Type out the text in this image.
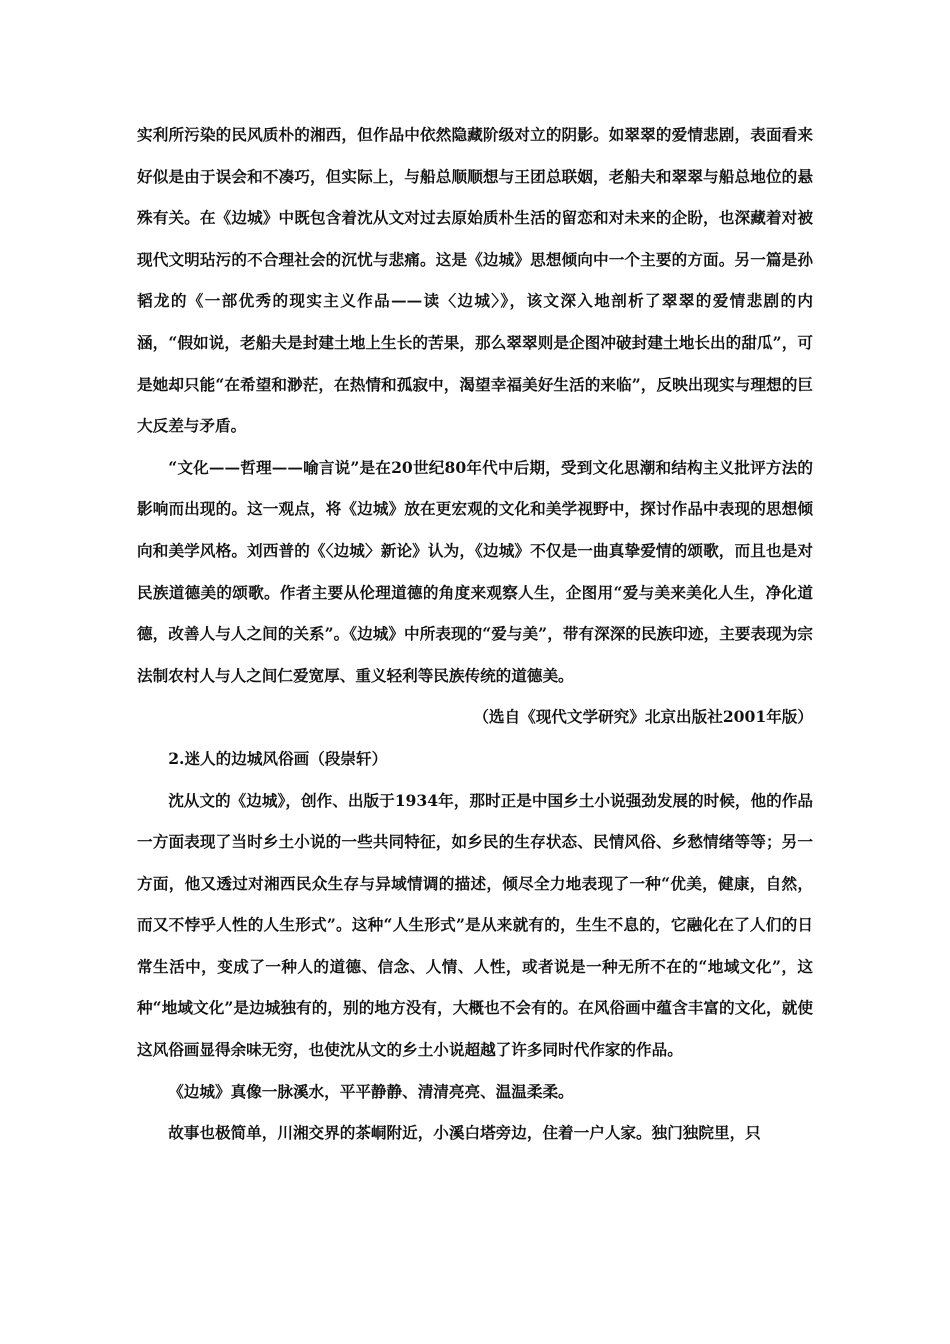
实利所污染的民风质朴的湘西，但作品中依然隐藏阶级对立的阴影。如翠翠的爱情悲剧，表面看来好似是由于误会和不凑巧，但实际上，与船总顺顺想与王团总联姻，老船夫和翠翠与船总地位的悬殊有关。在《边城》中既包含着沈从文对过去原始质朴生活的留恋和对未来的企盼，也深藏着对被现代文明玷污的不合理社会的沉忧与悲痛。这是《边城》思想倾向中一个主要的方面。另一篇是孙韬龙的《一部优秀的现实主义作品——读〈边城〉》，该文深入地剖析了翠翠的爱情悲剧的内涵，“假如说，老船夫是封建土地上生长的苦果，那么翠翠则是企图冲破封建土地长出的甜瓜”，可是她却只能“在希望和渺茫，在热情和孤寂中，渴望幸福美好生活的来临”，反映出现实与理想的巨大反差与矛盾。

“文化——哲理——喻言说”是在20世纪80年代中后期，受到文化思潮和结构主义批评方法的影响而出现的。这一观点，将《边城》放在更宏观的文化和美学视野中，探讨作品中表现的思想倾向和美学风格。刘西普的《〈边城〉新论》认为，《边城》不仅是一曲真挚爱情的颂歌，而且也是对民族道德美的颂歌。作者主要从伦理道德的角度来观察人生，企图用“爱与美来美化人生，净化道德，改善人与人之间的关系”。《边城》中所表现的“爱与美”，带有深深的民族印迹，主要表现为宗法制农村人与人之间仁爱宽厚、重义轻利等民族传统的道德美。

（选自《现代文学研究》北京出版社2001年版）

2.迷人的边城风俗画（段崇轩）

沈从文的《边城》，创作、出版于1934年，那时正是中国乡土小说强劲发展的时候，他的作品一方面表现了当时乡土小说的一些共同特征，如乡民的生存状态、民情风俗、乡愁情绪等等；另一方面，他又透过对湘西民众生存与异域情调的描述，倾尽全力地表现了一种“优美，健康，自然，而又不悖乎人性的人生形式”。这种“人生形式”是从来就有的，生生不息的，它融化在了人们的日常生活中，变成了一种人的道德、信念、人情、人性，或者说是一种无所不在的“地域文化”，这种“地域文化”是边城独有的，别的地方没有，大概也不会有的。在风俗画中蕴含丰富的文化，就使这风俗画显得余味无穷，也使沈从文的乡土小说超越了许多同时代作家的作品。

《边城》真像一脉溪水，平平静静、清清亮亮、温温柔柔。

故事也极简单，川湘交界的茶峒附近，小溪白塔旁边，住着一户人家。独门独院里，只
